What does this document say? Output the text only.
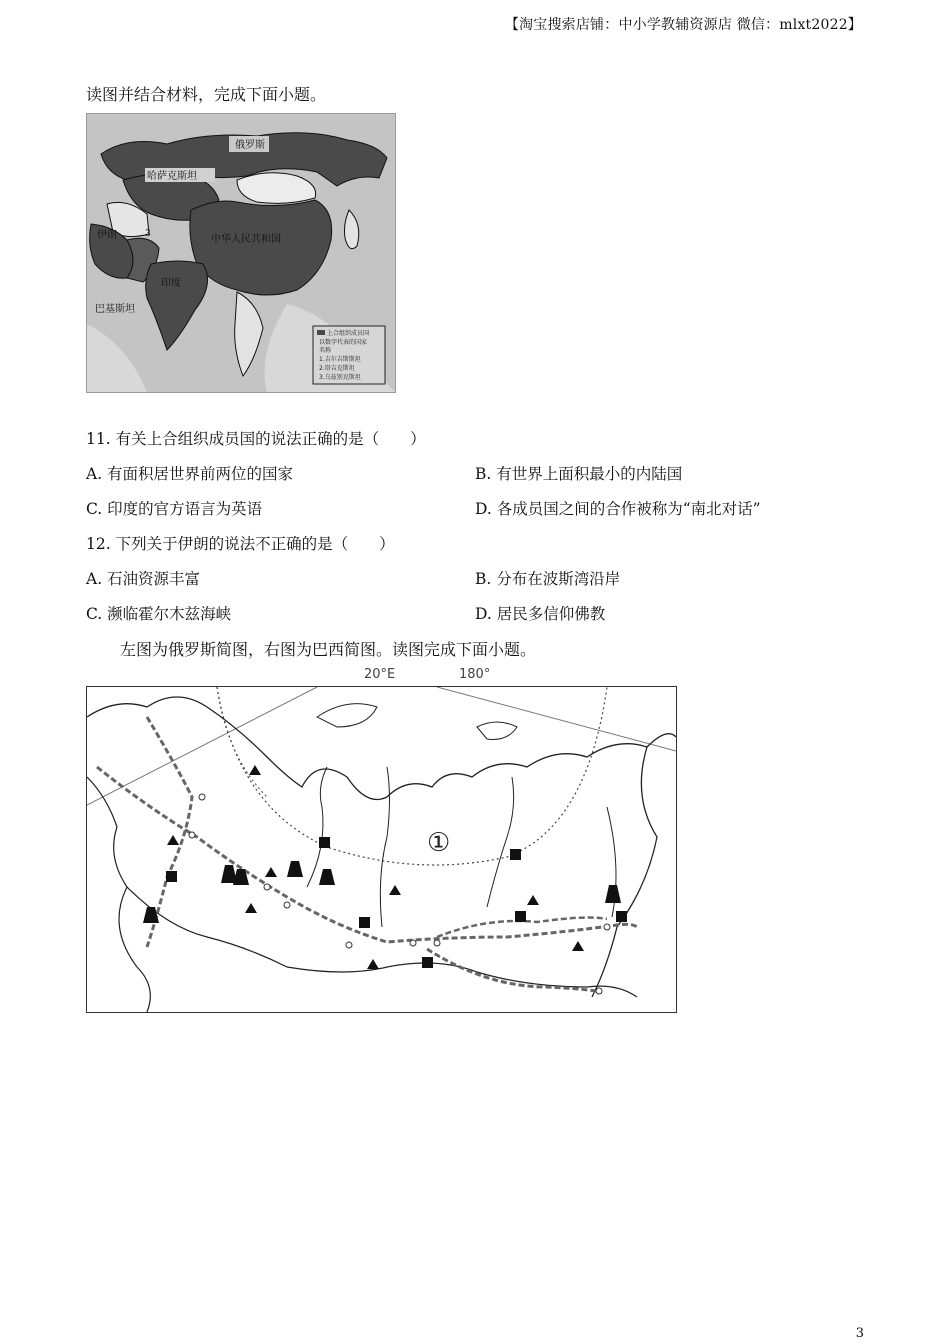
【淘宝搜索店铺：中小学教辅资源店 微信：mlxt2022】
读图并结合材料，完成下面小题。
上合组织成员国
以数字代表的国家
名称
1.吉尔吉斯斯坦
2.塔吉克斯坦
3.乌兹别克斯坦
俄罗斯
哈萨克斯坦
中华人民共和国
伊朗	3
印度
巴基斯坦
11. 有关上合组织成员国的说法正确的是（　　）
A. 有面积居世界前两位的国家	B. 有世界上面积最小的内陆国
C. 印度的官方语言为英语	D. 各成员国之间的合作被称为“南北对话”
12. 下列关于伊朗的说法不正确的是（　　）
A. 石油资源丰富	B. 分布在波斯湾沿岸
C. 濒临霍尔木兹海峡	D. 居民多信仰佛教
左图为俄罗斯简图，右图为巴西简图。读图完成下面小题。
20°E	180°
①
3
